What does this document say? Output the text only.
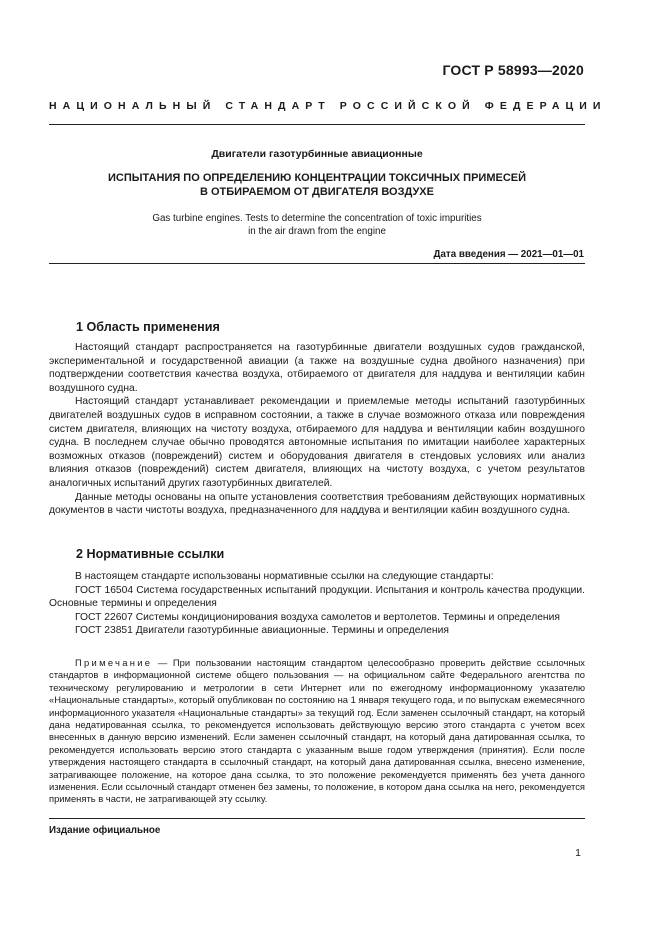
ГОСТ Р 58993—2020
НАЦИОНАЛЬНЫЙ СТАНДАРТ РОССИЙСКОЙ ФЕДЕРАЦИИ
Двигатели газотурбинные авиационные
ИСПЫТАНИЯ ПО ОПРЕДЕЛЕНИЮ КОНЦЕНТРАЦИИ ТОКСИЧНЫХ ПРИМЕСЕЙ
В ОТБИРАЕМОМ ОТ ДВИГАТЕЛЯ ВОЗДУХЕ
Gas turbine engines. Tests to determine the concentration of toxic impurities
in the air drawn from the engine
Дата введения — 2021—01—01
1 Область применения

Настоящий стандарт распространяется на газотурбинные двигатели воздушных судов гражданской, экспериментальной и государственной авиации (а также на воздушные судна двойного назначения) при подтверждении соответствия качества воздуха, отбираемого от двигателя для наддува и вентиляции кабин воздушного судна.

Настоящий стандарт устанавливает рекомендации и приемлемые методы испытаний газотурбинных двигателей воздушных судов в исправном состоянии, а также в случае возможного отказа или повреждения систем двигателя, влияющих на чистоту воздуха, отбираемого для наддува и вентиляции кабин воздушного судна. В последнем случае обычно проводятся автономные испытания по имитации наиболее характерных возможных отказов (повреждений) систем и оборудования двигателя в стендовых условиях или анализ влияния отказов (повреждений) систем двигателя, влияющих на чистоту воздуха, с учетом результатов аналогичных испытаний других газотурбинных двигателей.

Данные методы основаны на опыте установления соответствия требованиям действующих нормативных документов в части чистоты воздуха, предназначенного для наддува и вентиляции кабин воздушного судна.

2 Нормативные ссылки

В настоящем стандарте использованы нормативные ссылки на следующие стандарты:

ГОСТ 16504 Система государственных испытаний продукции. Испытания и контроль качества продукции. Основные термины и определения

ГОСТ 22607 Системы кондиционирования воздуха самолетов и вертолетов. Термины и определения

ГОСТ 23851 Двигатели газотурбинные авиационные. Термины и определения

Примечание — При пользовании настоящим стандартом целесообразно проверить действие ссылочных стандартов в информационной системе общего пользования — на официальном сайте Федерального агентства по техническому регулированию и метрологии в сети Интернет или по ежегодному информационному указателю «Национальные стандарты», который опубликован по состоянию на 1 января текущего года, и по выпускам ежемесячного информационного указателя «Национальные стандарты» за текущий год. Если заменен ссылочный стандарт, на который дана недатированная ссылка, то рекомендуется использовать действующую версию этого стандарта с учетом всех внесенных в данную версию изменений. Если заменен ссылочный стандарт, на который дана датированная ссылка, то рекомендуется использовать версию этого стандарта с указанным выше годом утверждения (принятия). Если после утверждения настоящего стандарта в ссылочный стандарт, на который дана датированная ссылка, внесено изменение, затрагивающее положение, на которое дана ссылка, то это положение рекомендуется применять без учета данного изменения. Если ссылочный стандарт отменен без замены, то положение, в котором дана ссылка на него, рекомендуется применять в части, не затрагивающей эту ссылку.

Издание официальное
1
